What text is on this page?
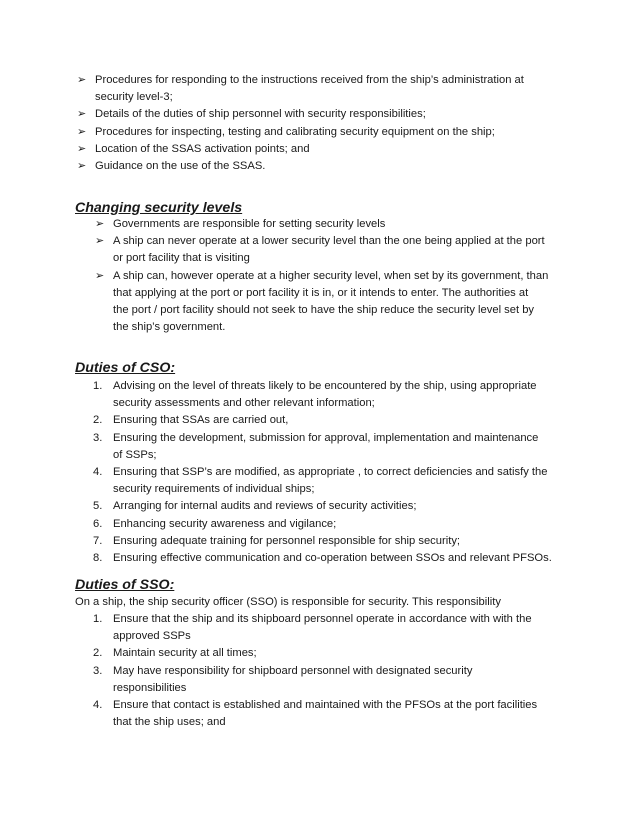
➢ Procedures for responding to the instructions received from the ship’s administration at
security level-3;
➢ Details of the duties of ship personnel with security responsibilities;
➢ Procedures for inspecting, testing and calibrating security equipment on the ship;
➢ Location of the SSAS activation points; and
➢ Guidance on the use of the SSAS.
Changing security levels
➢ Governments are responsible for setting security levels
➢ A ship can never operate at a lower security level than the one being applied at the port
or port facility that is visiting
➢ A ship can, however operate at a higher security level, when set by its government, than
that applying at the port or port facility it is in, or it intends to enter. The authorities at
the port / port facility should not seek to have the ship reduce the security level set by
the ship’s government.
Duties of CSO:
1. Advising on the level of threats likely to be encountered by the ship, using appropriate
security assessments and other relevant information;
2. Ensuring that SSAs are carried out,
3. Ensuring the development, submission for approval, implementation and maintenance
of SSPs;
4. Ensuring that SSP’s are modified, as appropriate , to correct deficiencies and satisfy the
security requirements of individual ships;
5. Arranging for internal audits and reviews of security activities;
6. Enhancing security awareness and vigilance;
7. Ensuring adequate training for personnel responsible for ship security;
8. Ensuring effective communication and co-operation between SSOs and relevant PFSOs.
Duties of SSO:
On a ship, the ship security officer (SSO) is responsible for security. This responsibility
1. Ensure that the ship and its shipboard personnel operate in accordance with with the
approved SSPs
2. Maintain security at all times;
3. May have responsibility for shipboard personnel with designated security
responsibilities
4. Ensure that contact is established and maintained with the PFSOs at the port facilities
that the ship uses; and
